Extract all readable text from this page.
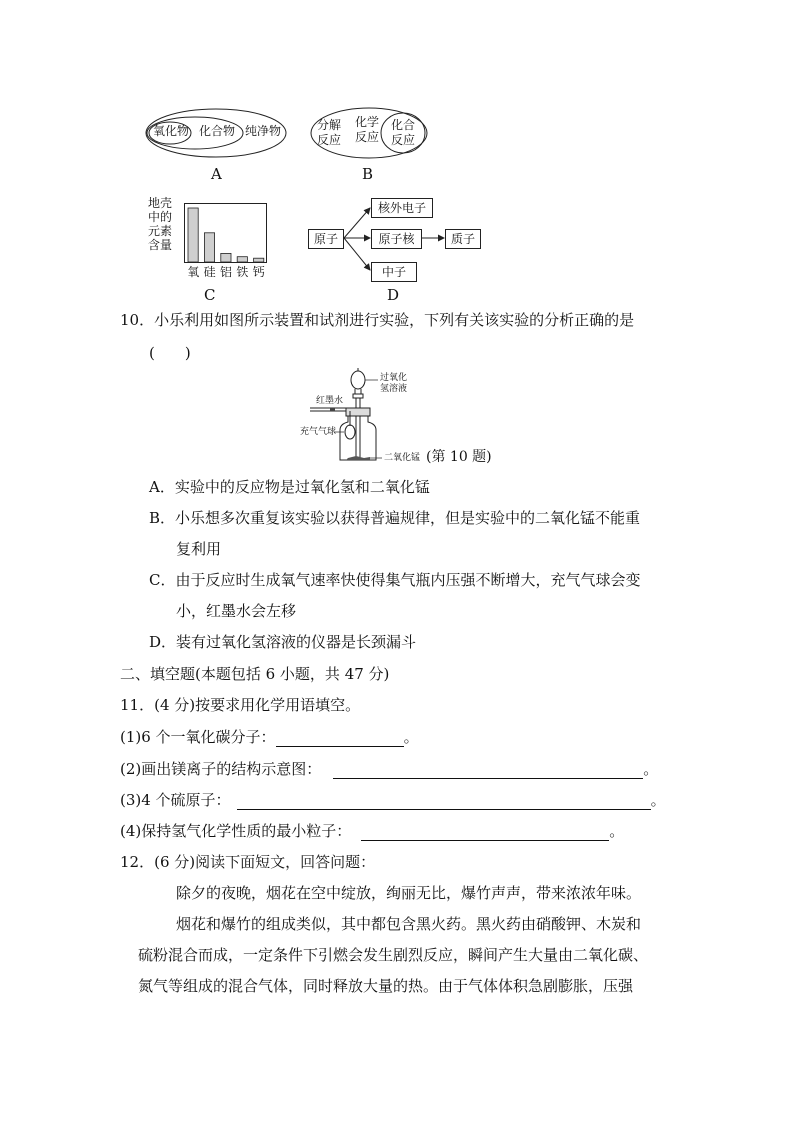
氧化物 化合物 纯净物
A
分解
反应
化学
反应
化合
反应
B
地壳
中的
元素
含量
氧 硅 铝 铁 钙
C
原子
核外电子
原子核	质子
中子
D
10．小乐利用如图所示装置和试剂进行实验，下列有关该实验的分析正确的是
(　　)
过氧化
氢溶液
红墨水
充气气球
二氧化锰 (第 10 题)
A．实验中的反应物是过氧化氢和二氧化锰
B．小乐想多次重复该实验以获得普遍规律，但是实验中的二氧化锰不能重
复利用
C．由于反应时生成氧气速率快使得集气瓶内压强不断增大，充气气球会变
小，红墨水会左移
D．装有过氧化氢溶液的仪器是长颈漏斗
二、填空题(本题包括 6 小题，共 47 分)
11．(4 分)按要求用化学用语填空。
(1)6 个一氧化碳分子：	。
(2)画出镁离子的结构示意图：	。
(3)4 个硫原子：	。
(4)保持氢气化学性质的最小粒子：	。
12．(6 分)阅读下面短文，回答问题：
除夕的夜晚，烟花在空中绽放，绚丽无比，爆竹声声，带来浓浓年味。
烟花和爆竹的组成类似，其中都包含黑火药。黑火药由硝酸钾、木炭和
硫粉混合而成，一定条件下引燃会发生剧烈反应，瞬间产生大量由二氧化碳、
氮气等组成的混合气体，同时释放大量的热。由于气体体积急剧膨胀，压强
